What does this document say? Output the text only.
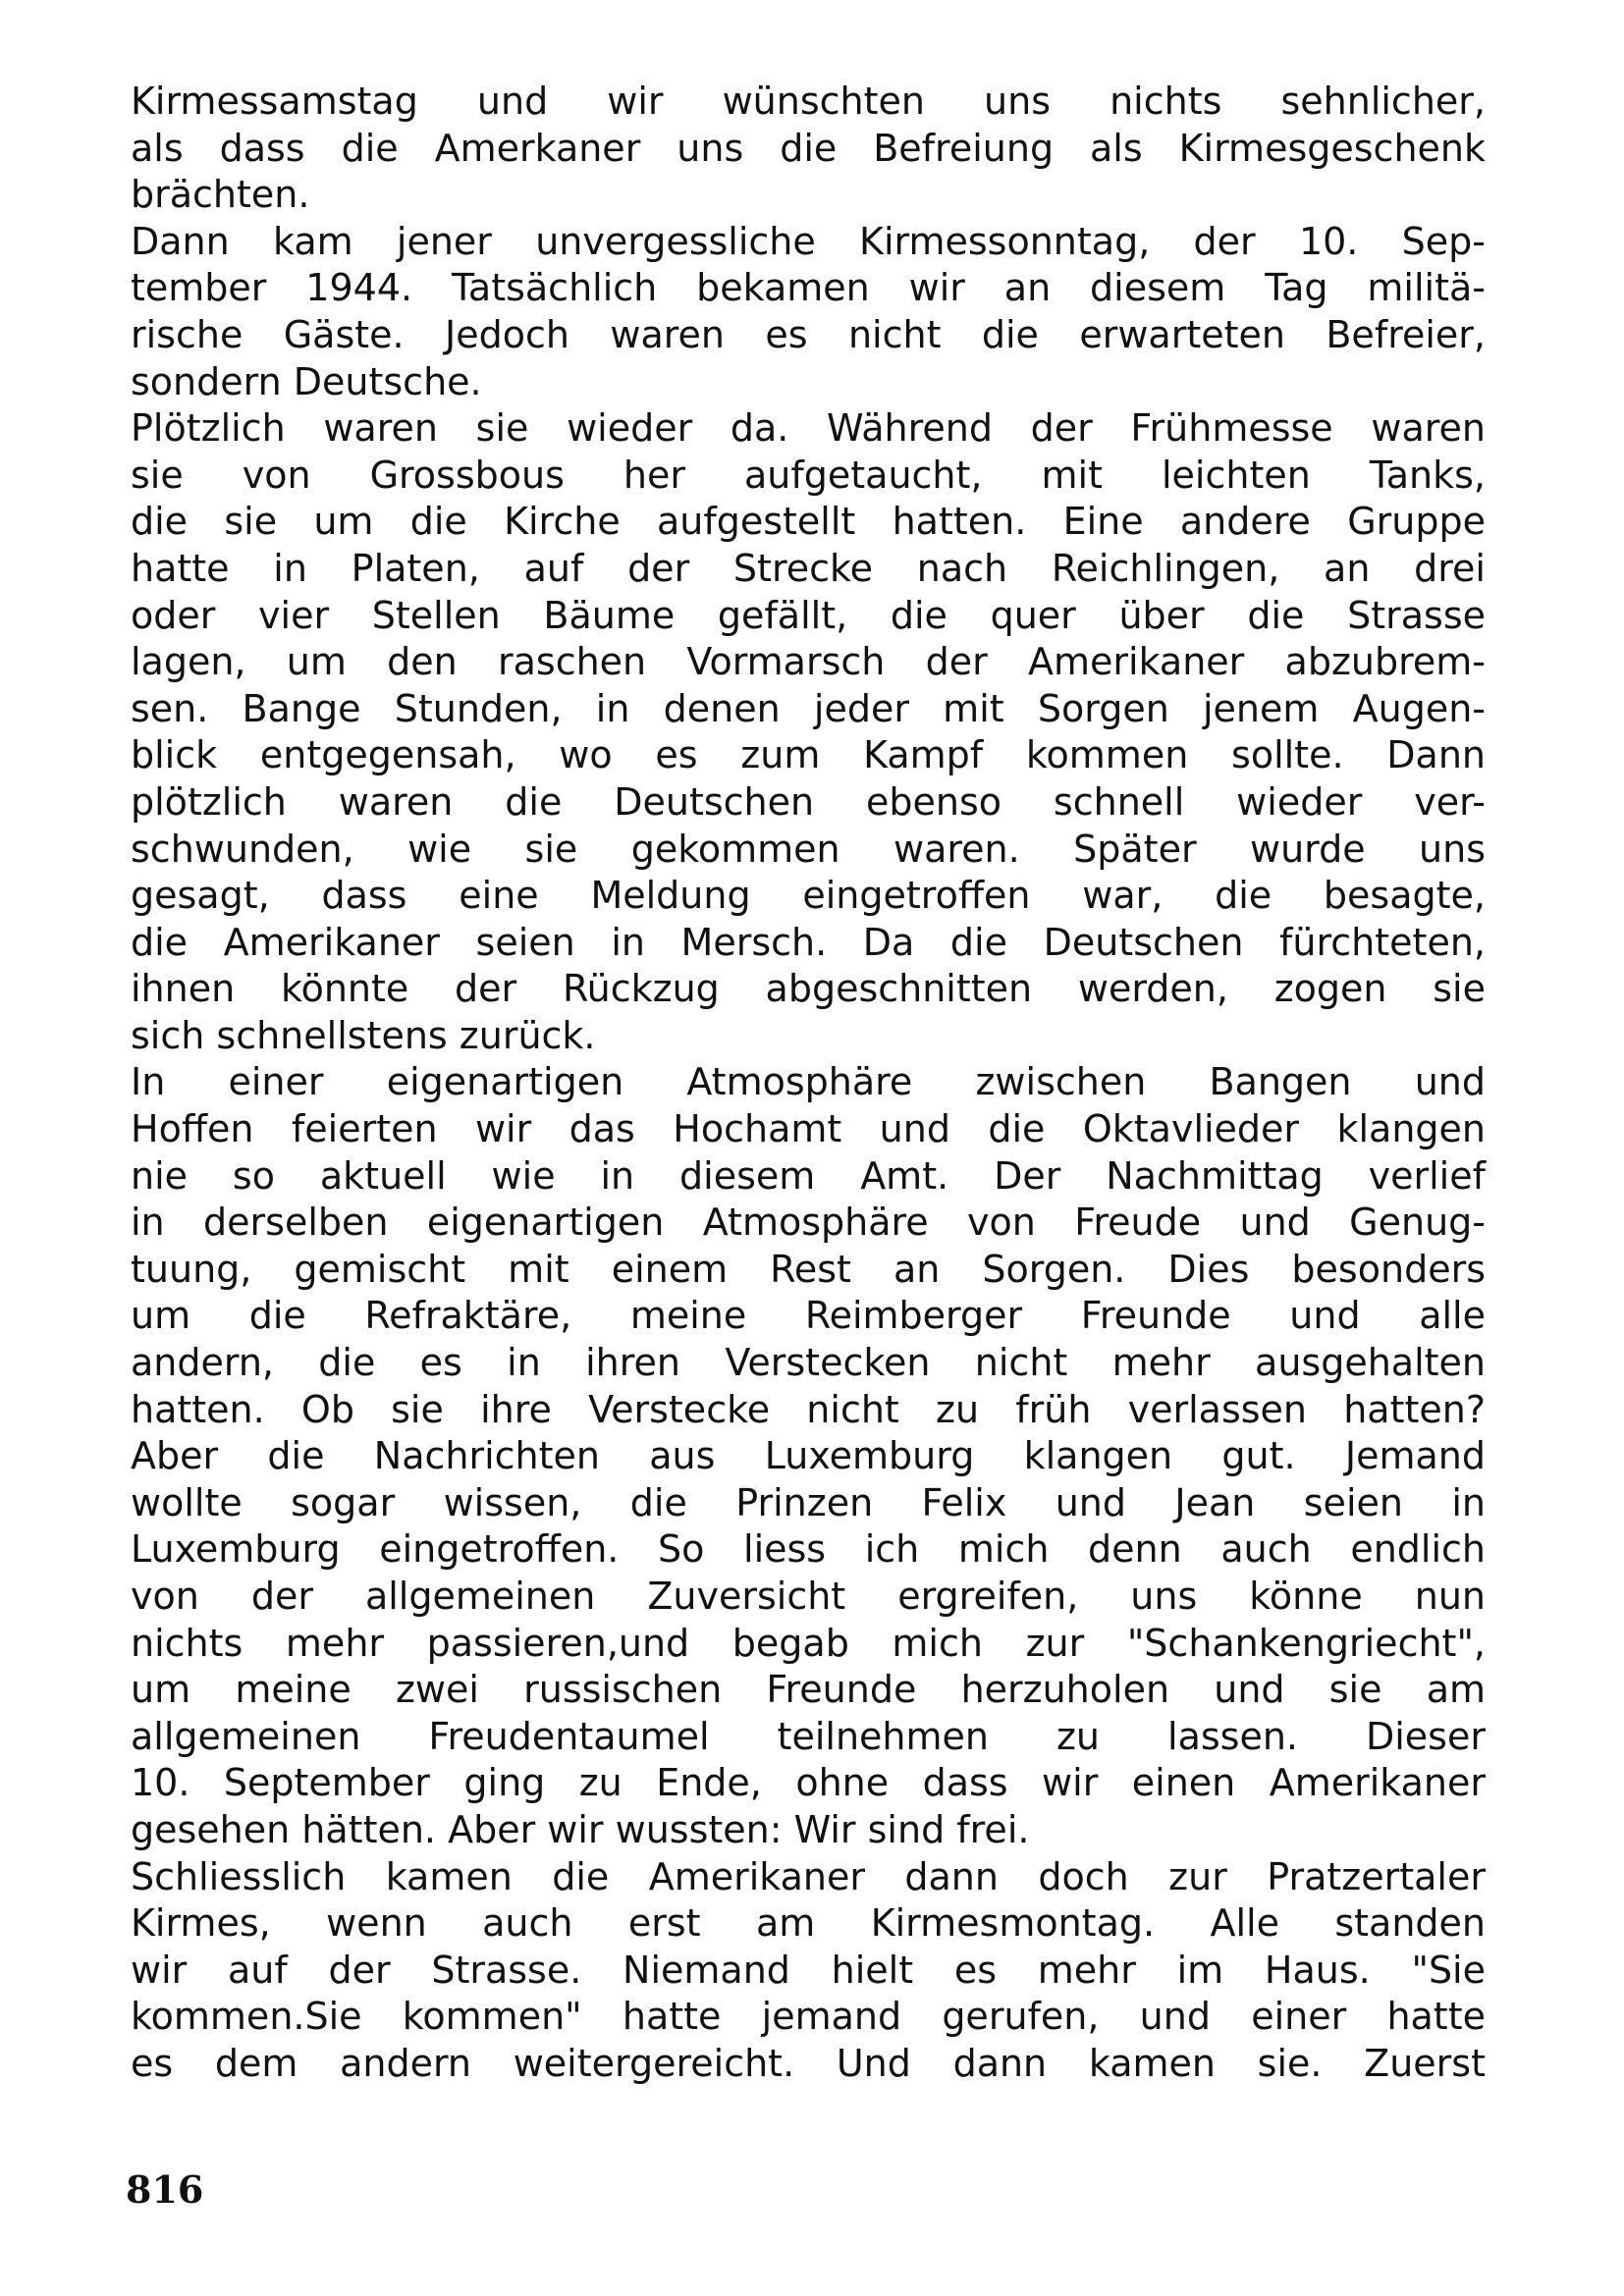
Kirmessamstag und wir wünschten uns nichts sehnlicher,
als dass die Amerkaner uns die Befreiung als Kirmesgeschenk
brächten.
Dann kam jener unvergessliche Kirmessonntag, der 10. Sep-
tember 1944. Tatsächlich bekamen wir an diesem Tag militä-
rische Gäste. Jedoch waren es nicht die erwarteten Befreier,
sondern Deutsche.
Plötzlich waren sie wieder da. Während der Frühmesse waren
sie von Grossbous her aufgetaucht, mit leichten Tanks,
die sie um die Kirche aufgestellt hatten. Eine andere Gruppe
hatte in Platen, auf der Strecke nach Reichlingen, an drei
oder vier Stellen Bäume gefällt, die quer über die Strasse
lagen, um den raschen Vormarsch der Amerikaner abzubrem-
sen. Bange Stunden, in denen jeder mit Sorgen jenem Augen-
blick entgegensah, wo es zum Kampf kommen sollte. Dann
plötzlich waren die Deutschen ebenso schnell wieder ver-
schwunden, wie sie gekommen waren. Später wurde uns
gesagt, dass eine Meldung eingetroffen war, die besagte,
die Amerikaner seien in Mersch. Da die Deutschen fürchteten,
ihnen könnte der Rückzug abgeschnitten werden, zogen sie
sich schnellstens zurück.
In einer eigenartigen Atmosphäre zwischen Bangen und
Hoffen feierten wir das Hochamt und die Oktavlieder klangen
nie so aktuell wie in diesem Amt. Der Nachmittag verlief
in derselben eigenartigen Atmosphäre von Freude und Genug-
tuung, gemischt mit einem Rest an Sorgen. Dies besonders
um die Refraktäre, meine Reimberger Freunde und alle
andern, die es in ihren Verstecken nicht mehr ausgehalten
hatten. Ob sie ihre Verstecke nicht zu früh verlassen hatten?
Aber die Nachrichten aus Luxemburg klangen gut. Jemand
wollte sogar wissen, die Prinzen Felix und Jean seien in
Luxemburg eingetroffen. So liess ich mich denn auch endlich
von der allgemeinen Zuversicht ergreifen, uns könne nun
nichts mehr passieren,und begab mich zur "Schankengriecht",
um meine zwei russischen Freunde herzuholen und sie am
allgemeinen Freudentaumel teilnehmen zu lassen. Dieser
10. September ging zu Ende, ohne dass wir einen Amerikaner
gesehen hätten. Aber wir wussten: Wir sind frei.
Schliesslich kamen die Amerikaner dann doch zur Pratzertaler
Kirmes, wenn auch erst am Kirmesmontag. Alle standen
wir auf der Strasse. Niemand hielt es mehr im Haus. "Sie
kommen.Sie kommen" hatte jemand gerufen, und einer hatte
es dem andern weitergereicht. Und dann kamen sie. Zuerst
816
